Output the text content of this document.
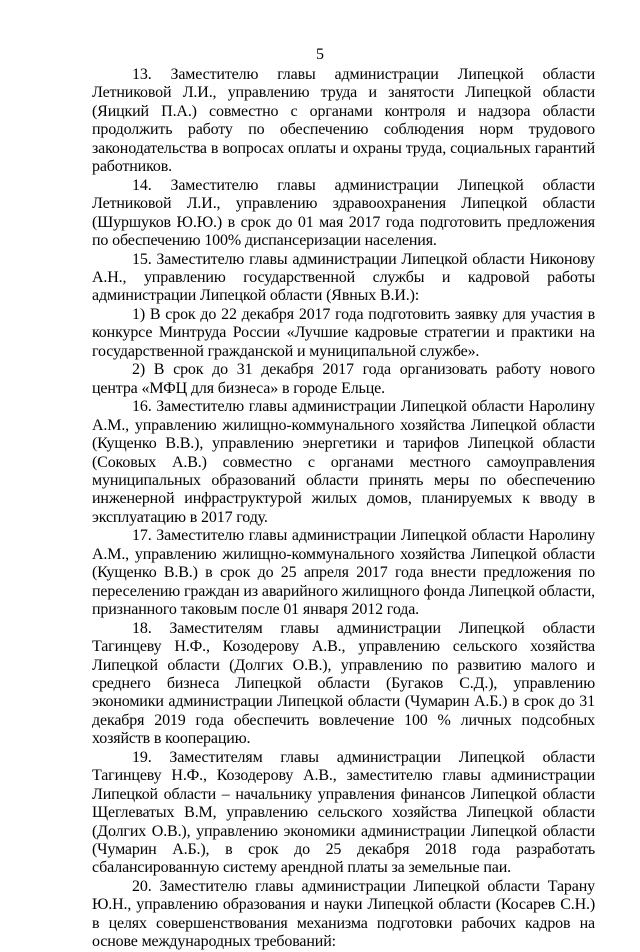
5

13. Заместителю главы администрации Липецкой области Летниковой Л.И., управлению труда и занятости Липецкой области (Яицкий П.А.) совместно с органами контроля и надзора области продолжить работу по обеспечению соблюдения норм трудового законодательства в вопросах оплаты и охраны труда, социальных гарантий работников.

14. Заместителю главы администрации Липецкой области Летниковой Л.И., управлению здравоохранения Липецкой области (Шуршуков Ю.Ю.) в срок до 01 мая 2017 года подготовить предложения по обеспечению 100% диспансеризации населения.

15. Заместителю главы администрации Липецкой области Никонову А.Н., управлению государственной службы и кадровой работы администрации Липецкой области (Явных В.И.):

1) В срок до 22 декабря 2017 года подготовить заявку для участия в конкурсе Минтруда России «Лучшие кадровые стратегии и практики на государственной гражданской и муниципальной службе».

2) В срок до 31 декабря 2017 года организовать работу нового центра «МФЦ для бизнеса» в городе Ельце.

16. Заместителю главы администрации Липецкой области Наролину А.М., управлению жилищно-коммунального хозяйства Липецкой области (Кущенко В.В.), управлению энергетики и тарифов Липецкой области (Соковых А.В.) совместно с органами местного самоуправления муниципальных образований области принять меры по обеспечению инженерной инфраструктурой жилых домов, планируемых к вводу в эксплуатацию в 2017 году.

17. Заместителю главы администрации Липецкой области Наролину А.М., управлению жилищно-коммунального хозяйства Липецкой области (Кущенко В.В.) в срок до 25 апреля 2017 года внести предложения по переселению граждан из аварийного жилищного фонда Липецкой области, признанного таковым после 01 января 2012 года.

18. Заместителям главы администрации Липецкой области Тагинцеву Н.Ф., Козодерову А.В., управлению сельского хозяйства Липецкой области (Долгих О.В.), управлению по развитию малого и среднего бизнеса Липецкой области (Бугаков С.Д.), управлению экономики администрации Липецкой области (Чумарин А.Б.) в срок до 31 декабря 2019 года обеспечить вовлечение 100 % личных подсобных хозяйств в кооперацию.

19. Заместителям главы администрации Липецкой области Тагинцеву Н.Ф., Козодерову А.В., заместителю главы администрации Липецкой области – начальнику управления финансов Липецкой области Щеглеватых В.М, управлению сельского хозяйства Липецкой области (Долгих О.В.), управлению экономики администрации Липецкой области (Чумарин А.Б.), в срок до 25 декабря 2018 года разработать сбалансированную систему арендной платы за земельные паи.

20. Заместителю главы администрации Липецкой области Тарану Ю.Н., управлению образования и науки Липецкой области (Косарев С.Н.) в целях совершенствования механизма подготовки рабочих кадров на основе международных требований:
